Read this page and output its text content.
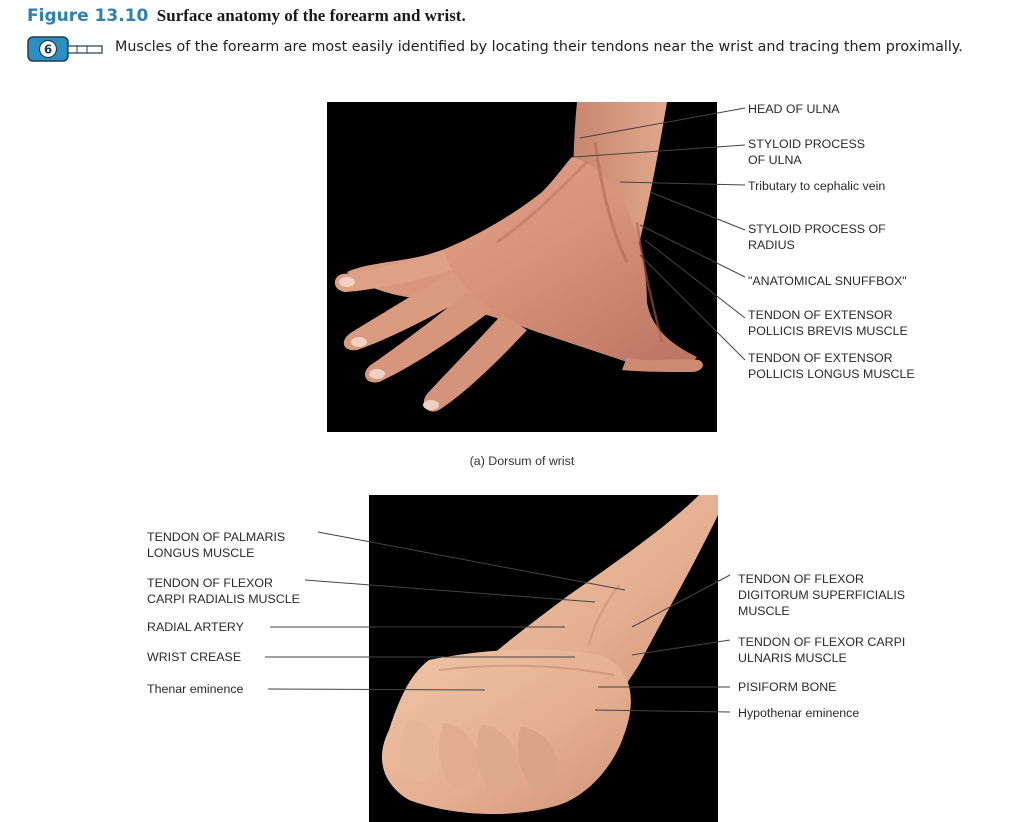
Figure 13.10 Surface anatomy of the forearm and wrist.
6	Muscles of the forearm are most easily identified by locating their tendons near the wrist and tracing them proximally.
HEAD OF ULNA
STYLOID PROCESS
OF ULNA
Tributary to cephalic vein
STYLOID PROCESS OF
RADIUS
"ANATOMICAL SNUFFBOX"
TENDON OF EXTENSOR
POLLICIS BREVIS MUSCLE
TENDON OF EXTENSOR
POLLICIS LONGUS MUSCLE
(a) Dorsum of wrist
TENDON OF PALMARIS
LONGUS MUSCLE
TENDON OF FLEXOR
CARPI RADIALIS MUSCLE
RADIAL ARTERY
WRIST CREASE
Thenar eminence
TENDON OF FLEXOR
DIGITORUM SUPERFICIALIS
MUSCLE
TENDON OF FLEXOR CARPI
ULNARIS MUSCLE
PISIFORM BONE
Hypothenar eminence
